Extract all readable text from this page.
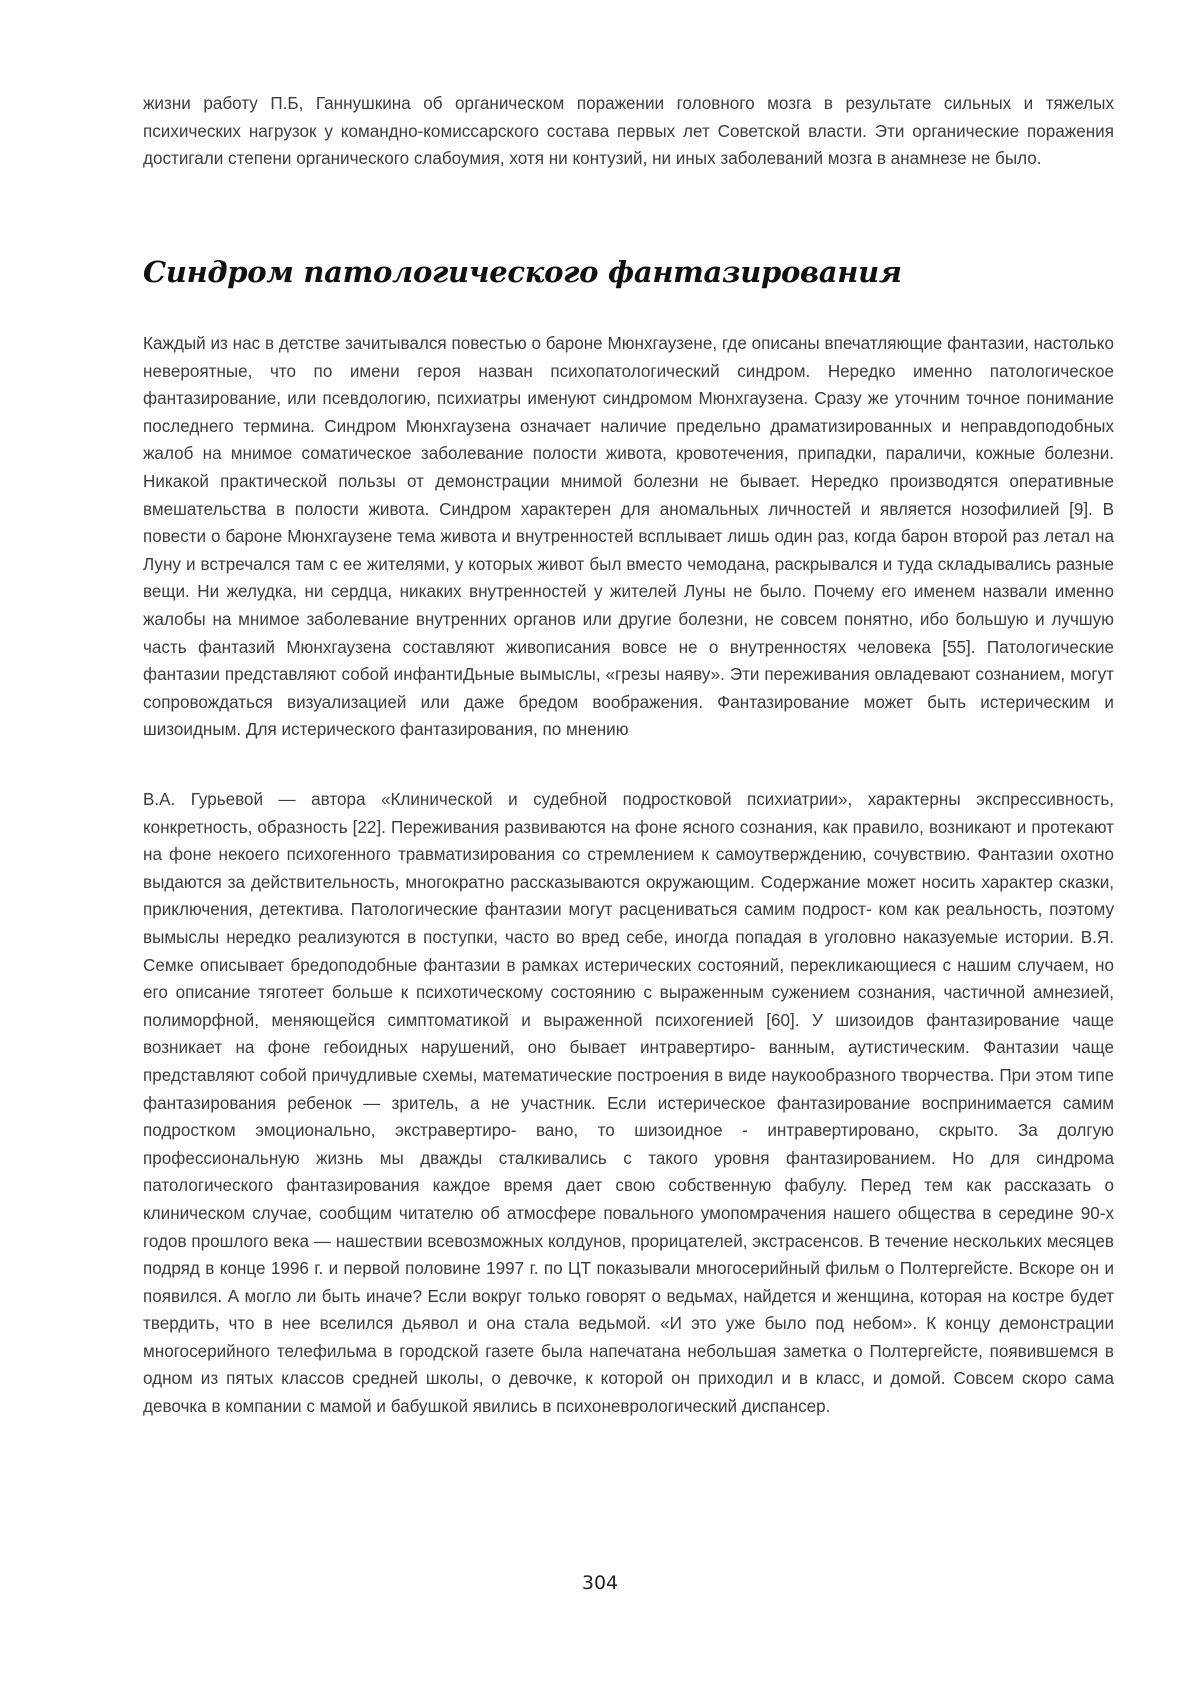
жизни работу П.Б, Ганнушкина об органическом поражении головного мозга в результате сильных и тяжелых психических нагрузок у командно-комиссарского состава первых лет Советской власти. Эти органические поражения достигали степени органического слабоумия, хотя ни контузий, ни иных заболеваний мозга в анамнезе не было.

Синдром патологического фантазирования

Каждый из нас в детстве зачитывался повестью о бароне Мюнхгаузене, где описаны впечатляющие фантазии, настолько невероятные, что по имени героя назван психопатологический синдром. Нередко именно патологическое фантазирование, или псевдологию, психиатры именуют синдромом Мюнхгаузена. Сразу же уточним точное понимание последнего термина. Синдром Мюнхгаузена означает наличие предельно драматизированных и неправдоподобных жалоб на мнимое соматическое заболевание полости живота, кровотечения, припадки, параличи, кожные болезни. Никакой практической пользы от демонстрации мнимой болезни не бывает. Нередко производятся оперативные вмешательства в полости живота. Синдром характерен для аномальных личностей и является нозофилией [9]. В повести о бароне Мюнхгаузене тема живота и внутренностей всплывает лишь один раз, когда барон второй раз летал на Луну и встречался там с ее жителями, у которых живот был вместо чемодана, раскрывался и туда складывались разные вещи. Ни желудка, ни сердца, никаких внутренностей у жителей Луны не было. Почему его именем назвали именно жалобы на мнимое заболевание внутренних органов или другие болезни, не совсем понятно, ибо большую и лучшую часть фантазий Мюнхгаузена составляют живописания вовсе не о внутренностях человека [55]. Патологические фантазии представляют собой инфантиДьные вымыслы, «грезы наяву». Эти переживания овладевают сознанием, могут сопровождаться визуализацией или даже бредом воображения. Фантазирование может быть истерическим и шизоидным. Для истерического фантазирования, по мнению

В.А. Гурьевой — автора «Клинической и судебной подростковой психиатрии», характерны экспрессивность, конкретность, образность [22]. Переживания развиваются на фоне ясного сознания, как правило, возникают и протекают на фоне некоего психогенного травматизирования со стремлением к самоутверждению, сочувствию. Фантазии охотно выдаются за действительность, многократно рассказываются окружающим. Содержание может носить характер сказки, приключения, детектива. Патологические фантазии могут расцениваться самим подрост- ком как реальность, поэтому вымыслы нередко реализуются в поступки, часто во вред себе, иногда попадая в уголовно наказуемые истории. В.Я. Семке описывает бредоподобные фантазии в рамках истерических состояний, перекликающиеся с нашим случаем, но его описание тяготеет больше к психотическому состоянию с выраженным сужением сознания, частичной амнезией, полиморфной, меняющейся симптоматикой и выраженной психогенией [60]. У шизоидов фантазирование чаще возникает на фоне гебоидных нарушений, оно бывает интравертиро- ванным, аутистическим. Фантазии чаще представляют собой причудливые схемы, математические построения в виде наукообразного творчества. При этом типе фантазирования ребенок — зритель, а не участник. Если истерическое фантазирование воспринимается самим подростком эмоционально, экстравертиро- вано, то шизоидное - интравертировано, скрыто. За долгую профессиональную жизнь мы дважды сталкивались с такого уровня фантазированием. Но для синдрома патологического фантазирования каждое время дает свою собственную фабулу. Перед тем как рассказать о клиническом случае, сообщим читателю об атмосфере повального умопомрачения нашего общества в середине 90-х годов прошлого века — нашествии всевозможных колдунов, прорицателей, экстрасенсов. В течение нескольких месяцев подряд в конце 1996 г. и первой половине 1997 г. по ЦТ показывали многосерийный фильм о Полтергейсте. Вскоре он и появился. А могло ли быть иначе? Если вокруг только говорят о ведьмах, найдется и женщина, которая на костре будет твердить, что в нее вселился дьявол и она стала ведьмой. «И это уже было под небом». К концу демонстрации многосерийного телефильма в городской газете была напечатана небольшая заметка о Полтергейсте, появившемся в одном из пятых классов средней школы, о девочке, к которой он приходил и в класс, и домой. Совсем скоро сама девочка в компании с мамой и бабушкой явились в психоневрологический диспансер.

304
